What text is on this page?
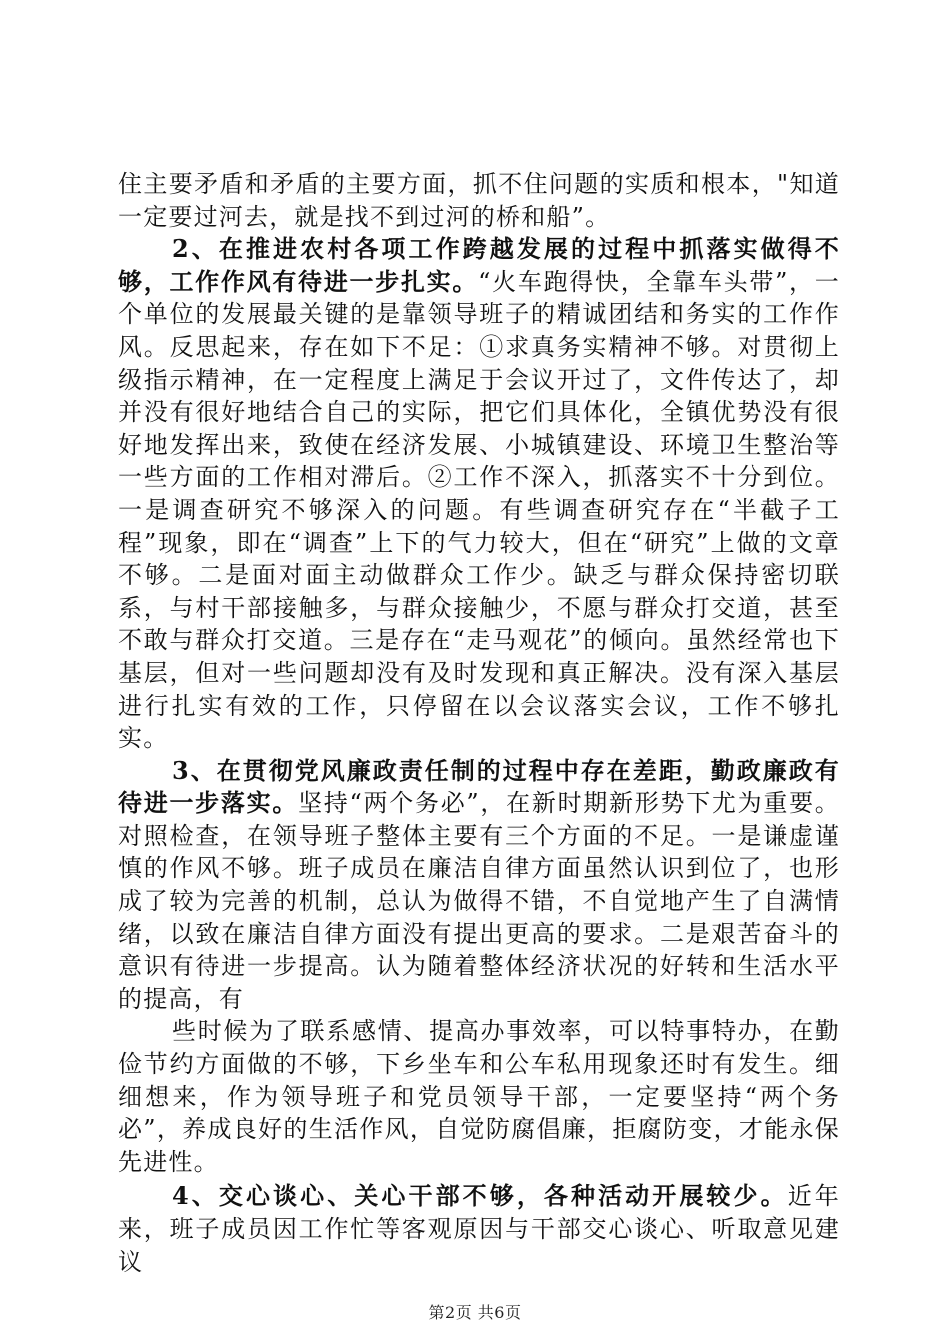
住主要矛盾和矛盾的主要方面，抓不住问题的实质和根本，"知道一定要过河去，就是找不到过河的桥和船”。

2、在推进农村各项工作跨越发展的过程中抓落实做得不够，工作作风有待进一步扎实。“火车跑得快，全靠车头带”，一个单位的发展最关键的是靠领导班子的精诚团结和务实的工作作风。反思起来，存在如下不足：①求真务实精神不够。对贯彻上级指示精神，在一定程度上满足于会议开过了，文件传达了，却并没有很好地结合自己的实际，把它们具体化，全镇优势没有很好地发挥出来，致使在经济发展、小城镇建设、环境卫生整治等一些方面的工作相对滞后。②工作不深入，抓落实不十分到位。一是调查研究不够深入的问题。有些调查研究存在“半截子工程”现象，即在“调查”上下的气力较大，但在“研究”上做的文章不够。二是面对面主动做群众工作少。缺乏与群众保持密切联系，与村干部接触多，与群众接触少，不愿与群众打交道，甚至不敢与群众打交道。三是存在“走马观花”的倾向。虽然经常也下基层，但对一些问题却没有及时发现和真正解决。没有深入基层进行扎实有效的工作，只停留在以会议落实会议，工作不够扎实。

3、在贯彻党风廉政责任制的过程中存在差距，勤政廉政有待进一步落实。坚持“两个务必”，在新时期新形势下尤为重要。对照检查，在领导班子整体主要有三个方面的不足。一是谦虚谨慎的作风不够。班子成员在廉洁自律方面虽然认识到位了，也形成了较为完善的机制，总认为做得不错，不自觉地产生了自满情绪，以致在廉洁自律方面没有提出更高的要求。二是艰苦奋斗的意识有待进一步提高。认为随着整体经济状况的好转和生活水平的提高，有

些时候为了联系感情、提高办事效率，可以特事特办，在勤俭节约方面做的不够，下乡坐车和公车私用现象还时有发生。细细想来，作为领导班子和党员领导干部，一定要坚持“两个务必”，养成良好的生活作风，自觉防腐倡廉，拒腐防变，才能永保先进性。

4、交心谈心、关心干部不够，各种活动开展较少。近年来，班子成员因工作忙等客观原因与干部交心谈心、听取意见建议

第2页 共6页
